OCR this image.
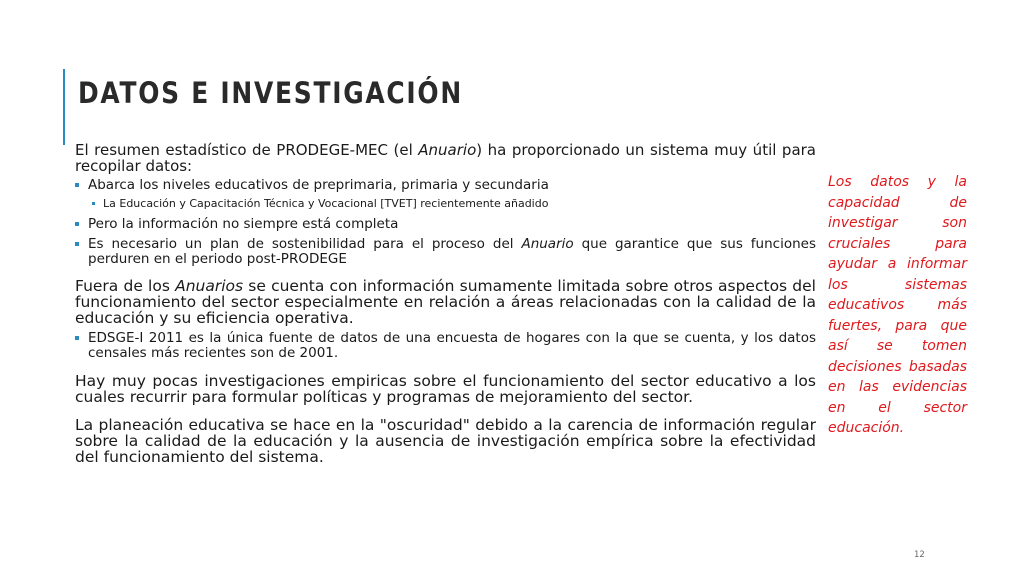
DATOS E INVESTIGACIÓN

El resumen estadístico de PRODEGE-MEC (el Anuario) ha proporcionado un sistema muy útil para recopilar datos:

Abarca los niveles educativos de preprimaria, primaria y secundaria
La Educación y Capacitación Técnica y Vocacional [TVET] recientemente añadido
Pero la información no siempre está completa
Es necesario un plan de sostenibilidad para el proceso del Anuario que garantice que sus funciones perduren en el periodo post-PRODEGE

Fuera de los Anuarios se cuenta con información sumamente limitada sobre otros aspectos del funcionamiento del sector especialmente en relación a áreas relacionadas con la calidad de la educación y su eficiencia operativa.

EDSGE-I 2011 es la única fuente de datos de una encuesta de hogares con la que se cuenta, y los datos censales más recientes son de 2001.

Hay muy pocas investigaciones empiricas sobre el funcionamiento del sector educativo a los cuales recurrir para formular políticas y programas de mejoramiento del sector.

La planeación educativa se hace en la "oscuridad" debido a la carencia de información regular sobre la calidad de la educación y la ausencia de investigación empírica sobre la efectividad del funcionamiento del sistema.

Los datos y la capacidad de investigar son cruciales para ayudar a informar los sistemas educativos más fuertes, para que así se tomen decisiones basadas en las evidencias en el sector educación.
12
